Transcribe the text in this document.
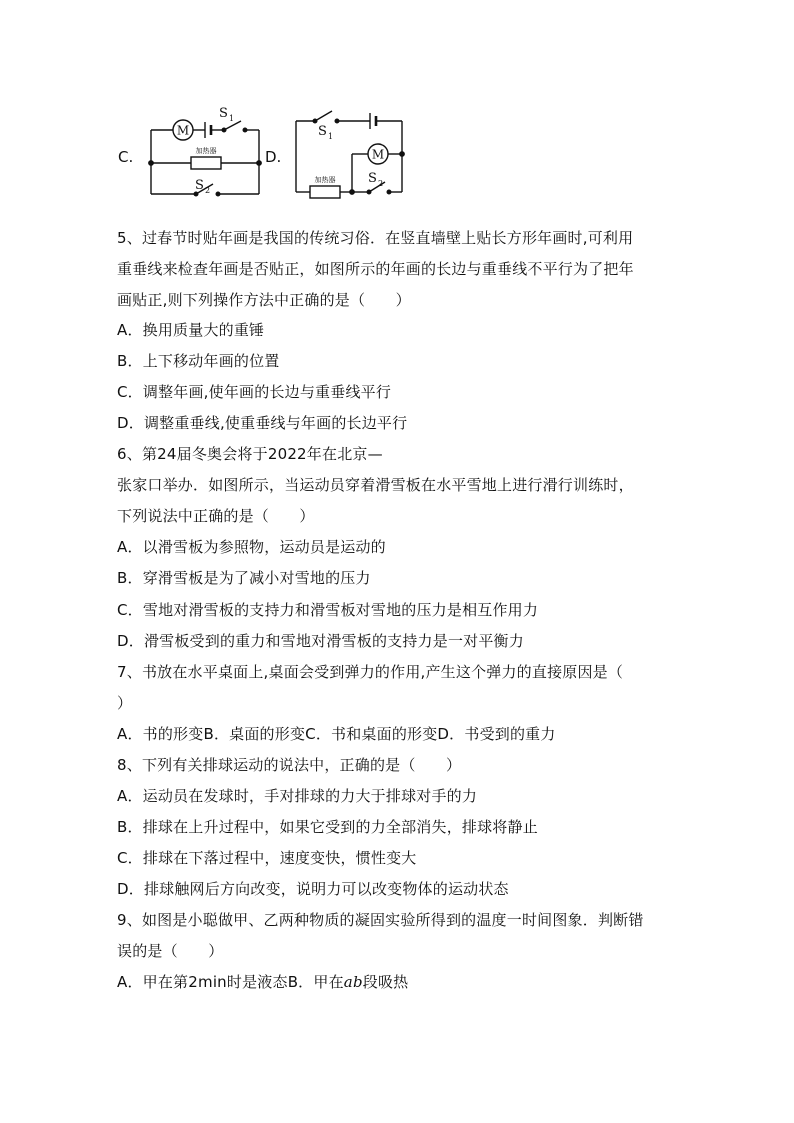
C.
M
加热器
S 1
S 2
D.	M
加热器
S 1
S 2
5、过春节时贴年画是我国的传统习俗．在竖直墙壁上贴长方形年画时,可利用
重垂线来检查年画是否贴正，如图所示的年画的长边与重垂线不平行为了把年
画贴正,则下列操作方法中正确的是（　　）
A．换用质量大的重锤
B．上下移动年画的位置
C．调整年画,使年画的长边与重垂线平行
D．调整重垂线,使重垂线与年画的长边平行
6、第24届冬奥会将于2022年在北京—
张家口举办．如图所示，当运动员穿着滑雪板在水平雪地上进行滑行训练时，
下列说法中正确的是（　　）
A．以滑雪板为参照物，运动员是运动的
B．穿滑雪板是为了减小对雪地的压力
C．雪地对滑雪板的支持力和滑雪板对雪地的压力是相互作用力
D．滑雪板受到的重力和雪地对滑雪板的支持力是一对平衡力
7、书放在水平桌面上,桌面会受到弹力的作用,产生这个弹力的直接原因是（
）
A．书的形变B．桌面的形变C．书和桌面的形变D．书受到的重力
8、下列有关排球运动的说法中，正确的是（　　）
A．运动员在发球时，手对排球的力大于排球对手的力
B．排球在上升过程中，如果它受到的力全部消失，排球将静止
C．排球在下落过程中，速度变快，惯性变大
D．排球触网后方向改变，说明力可以改变物体的运动状态
9、如图是小聪做甲、乙两种物质的凝固实验所得到的温度一时间图象．判断错
误的是（　　）
A．甲在第2min时是液态B．甲在ab段吸热
